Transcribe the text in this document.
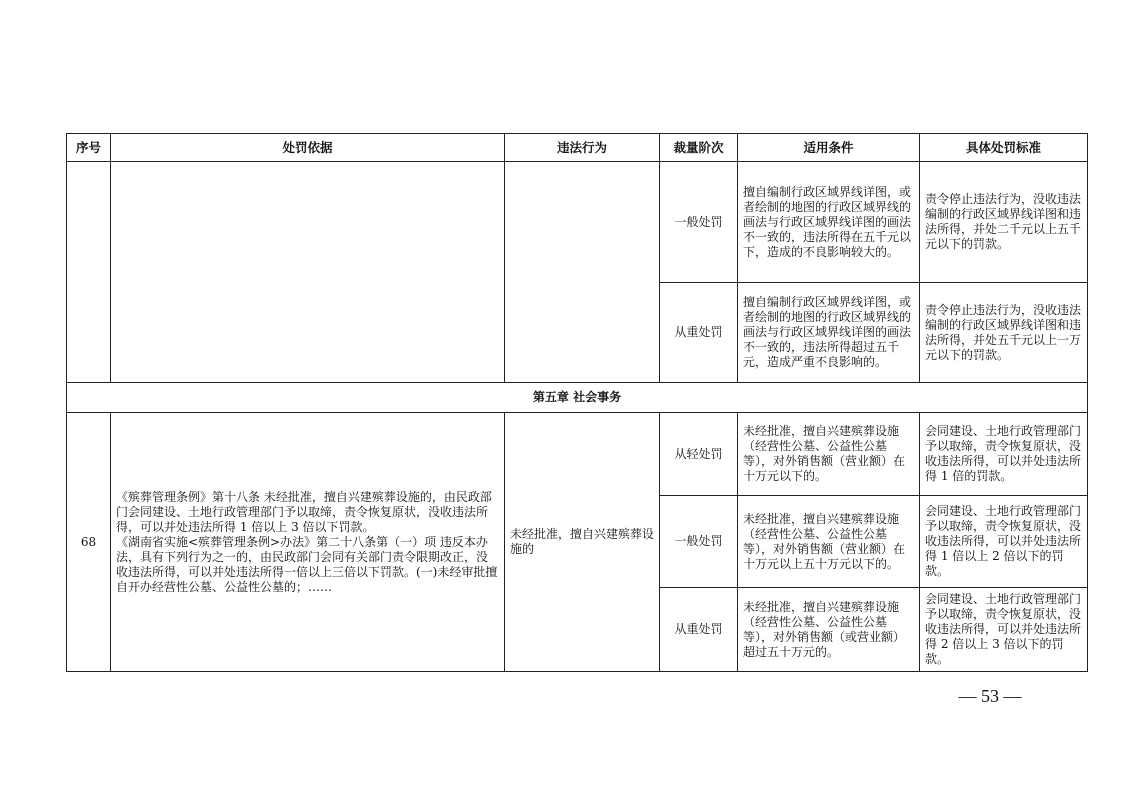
序号	处罚依据	违法行为	裁量阶次	适用条件	具体处罚标准
			一般处罚	擅自编制行政区域界线详图，或者绘制的地图的行政区域界线的画法与行政区域界线详图的画法不一致的，违法所得在五千元以下，造成的不良影响较大的。	责令停止违法行为，没收违法编制的行政区域界线详图和违法所得，并处二千元以上五千元以下的罚款。
			从重处罚	擅自编制行政区域界线详图，或者绘制的地图的行政区域界线的画法与行政区域界线详图的画法不一致的，违法所得超过五千元，造成严重不良影响的。	责令停止违法行为，没收违法编制的行政区域界线详图和违法所得，并处五千元以上一万元以下的罚款。
第五章 社会事务					
68	《殡葬管理条例》第十八条 未经批准，擅自兴建殡葬设施的，由民政部门会同建设、土地行政管理部门予以取缔，责令恢复原状，没收违法所得，可以并处违法所得 1 倍以上 3 倍以下罚款。
《湖南省实施<殡葬管理条例>办法》第二十八条第（一）项 违反本办法，具有下列行为之一的，由民政部门会同有关部门责令限期改正，没收违法所得，可以并处违法所得一倍以上三倍以下罚款。(一)未经审批擅自开办经营性公墓、公益性公墓的；……	未经批准，擅自兴建殡葬设施的	从轻处罚	未经批准，擅自兴建殡葬设施（经营性公墓、公益性公墓等），对外销售额（营业额）在十万元以下的。	会同建设、土地行政管理部门予以取缔，责令恢复原状，没收违法所得，可以并处违法所得 1 倍的罚款。
			一般处罚	未经批准，擅自兴建殡葬设施（经营性公墓、公益性公墓等），对外销售额（营业额）在十万元以上五十万元以下的。	会同建设、土地行政管理部门予以取缔，责令恢复原状，没收违法所得，可以并处违法所得 1 倍以上 2 倍以下的罚款。
			从重处罚	未经批准，擅自兴建殡葬设施（经营性公墓、公益性公墓等），对外销售额（或营业额）超过五十万元的。	会同建设、土地行政管理部门予以取缔，责令恢复原状，没收违法所得，可以并处违法所得 2 倍以上 3 倍以下的罚款。
— 53 —
